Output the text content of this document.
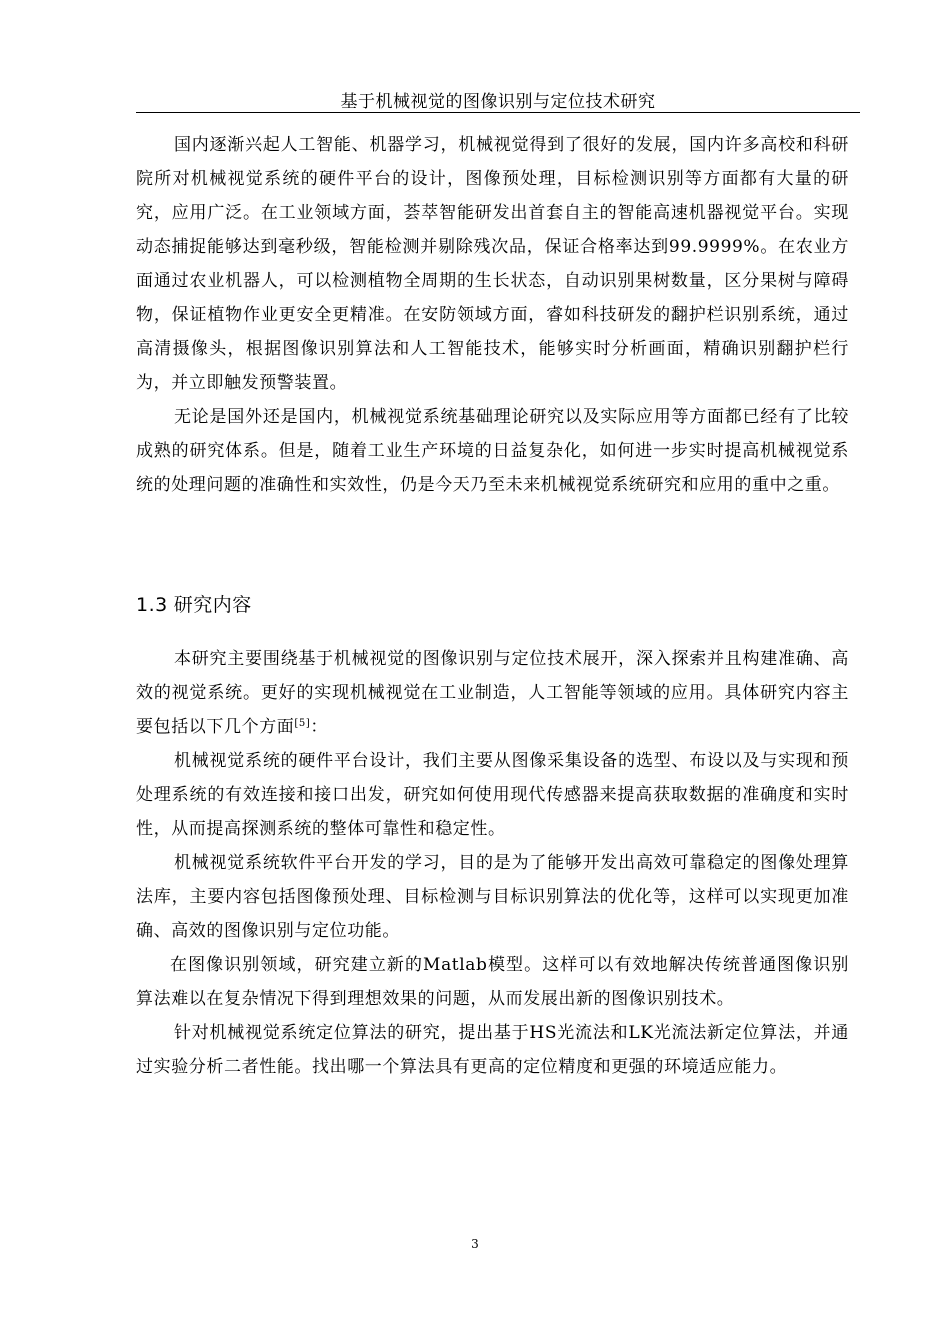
基于机械视觉的图像识别与定位技术研究

国内逐渐兴起人工智能、机器学习，机械视觉得到了很好的发展，国内许多高校和科研院所对机械视觉系统的硬件平台的设计，图像预处理，目标检测识别等方面都有大量的研究，应用广泛。在工业领域方面，荟萃智能研发出首套自主的智能高速机器视觉平台。实现动态捕捉能够达到毫秒级，智能检测并剔除残次品，保证合格率达到99.9999%。在农业方面通过农业机器人，可以检测植物全周期的生长状态，自动识别果树数量，区分果树与障碍物，保证植物作业更安全更精准。在安防领域方面，睿如科技研发的翻护栏识别系统，通过高清摄像头，根据图像识别算法和人工智能技术，能够实时分析画面，精确识别翻护栏行为，并立即触发预警装置。

无论是国外还是国内，机械视觉系统基础理论研究以及实际应用等方面都已经有了比较成熟的研究体系。但是，随着工业生产环境的日益复杂化，如何进一步实时提高机械视觉系统的处理问题的准确性和实效性，仍是今天乃至未来机械视觉系统研究和应用的重中之重。

1.3 研究内容

本研究主要围绕基于机械视觉的图像识别与定位技术展开，深入探索并且构建准确、高效的视觉系统。更好的实现机械视觉在工业制造，人工智能等领域的应用。具体研究内容主要包括以下几个方面[5]：

机械视觉系统的硬件平台设计，我们主要从图像采集设备的选型、布设以及与实现和预处理系统的有效连接和接口出发，研究如何使用现代传感器来提高获取数据的准确度和实时性，从而提高探测系统的整体可靠性和稳定性。

机械视觉系统软件平台开发的学习，目的是为了能够开发出高效可靠稳定的图像处理算法库，主要内容包括图像预处理、目标检测与目标识别算法的优化等，这样可以实现更加准确、高效的图像识别与定位功能。

在图像识别领域，研究建立新的Matlab模型。这样可以有效地解决传统普通图像识别算法难以在复杂情况下得到理想效果的问题，从而发展出新的图像识别技术。

针对机械视觉系统定位算法的研究，提出基于HS光流法和LK光流法新定位算法，并通过实验分析二者性能。找出哪一个算法具有更高的定位精度和更强的环境适应能力。

3
